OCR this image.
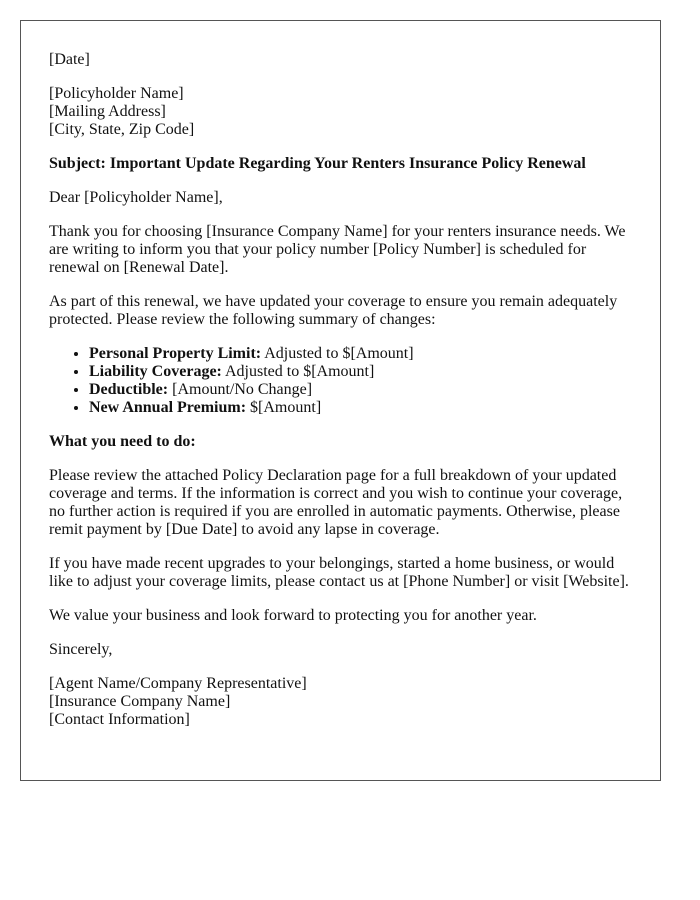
[Date]

[Policyholder Name]
[Mailing Address]
[City, State, Zip Code]

Subject: Important Update Regarding Your Renters Insurance Policy Renewal

Dear [Policyholder Name],

Thank you for choosing [Insurance Company Name] for your renters insurance needs. We are writing to inform you that your policy number [Policy Number] is scheduled for renewal on [Renewal Date].

As part of this renewal, we have updated your coverage to ensure you remain adequately protected. Please review the following summary of changes:

• Personal Property Limit: Adjusted to $[Amount]
• Liability Coverage: Adjusted to $[Amount]
• Deductible: [Amount/No Change]
• New Annual Premium: $[Amount]

What you need to do:

Please review the attached Policy Declaration page for a full breakdown of your updated coverage and terms. If the information is correct and you wish to continue your coverage, no further action is required if you are enrolled in automatic payments. Otherwise, please remit payment by [Due Date] to avoid any lapse in coverage.

If you have made recent upgrades to your belongings, started a home business, or would like to adjust your coverage limits, please contact us at [Phone Number] or visit [Website].

We value your business and look forward to protecting you for another year.

Sincerely,

[Agent Name/Company Representative]
[Insurance Company Name]
[Contact Information]
